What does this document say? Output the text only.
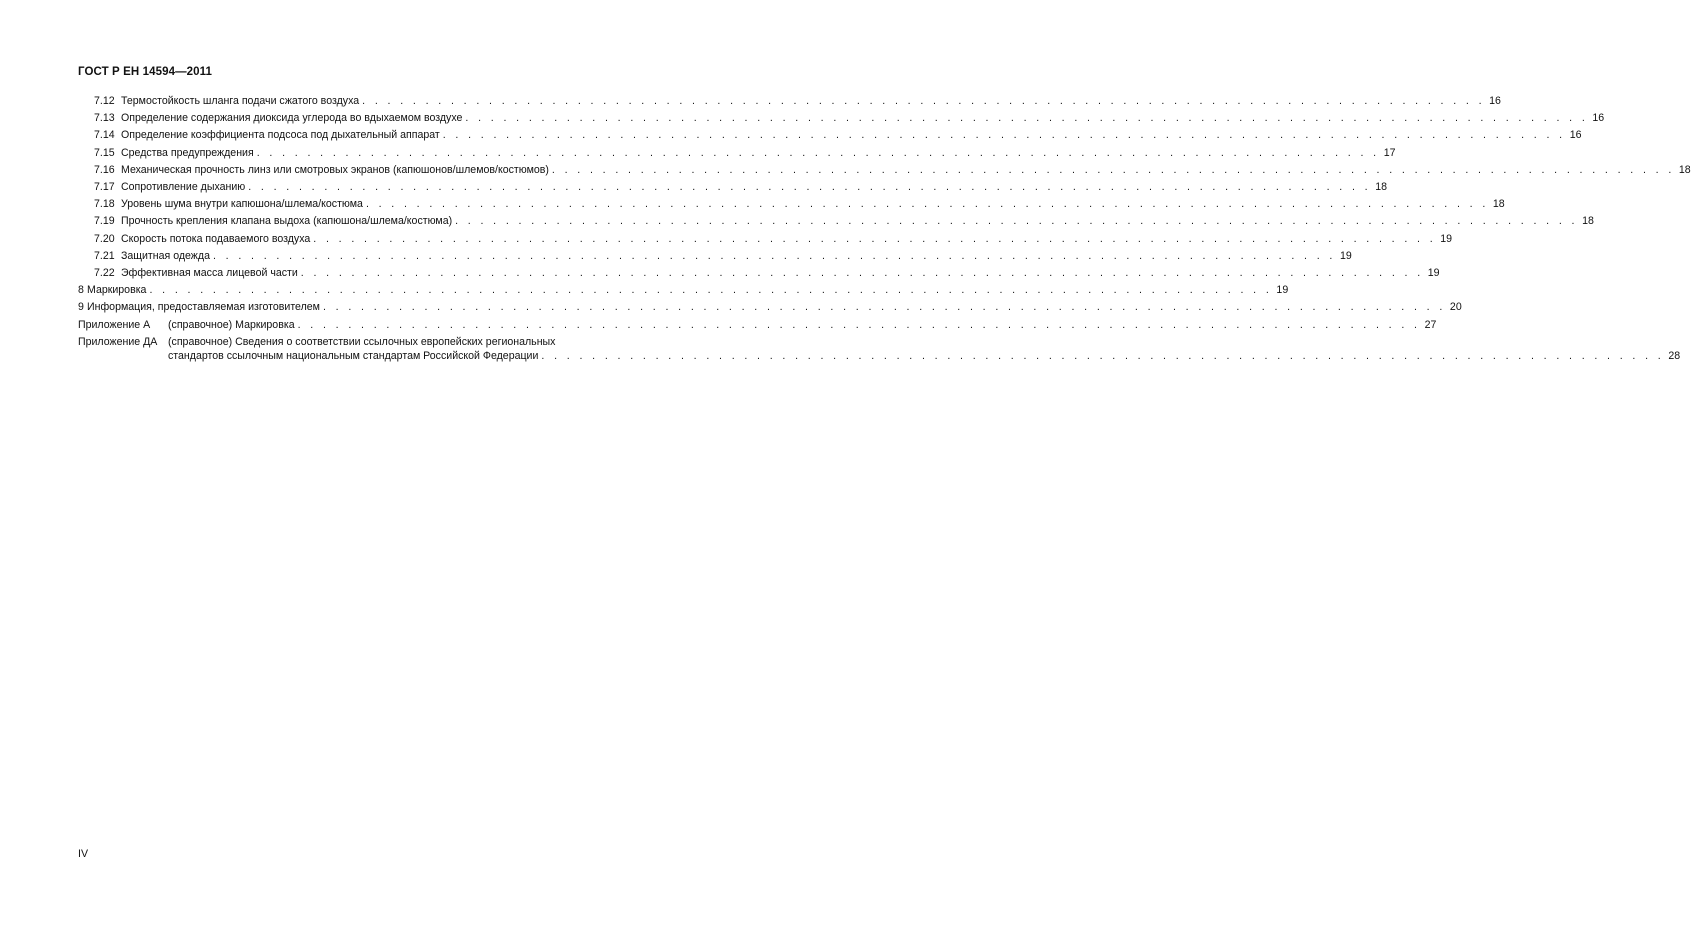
ГОСТ Р ЕН 14594—2011
7.12 Термостойкость шланга подачи сжатого воздуха . . .	16
7.13 Определение содержания диоксида углерода во вдыхаемом воздухе . . .	16
7.14 Определение коэффициента подсоса под дыхательный аппарат . . .	16
7.15 Средства предупреждения . . .	17
7.16 Механическая прочность линз или смотровых экранов (капюшонов/шлемов/костюмов) . . .	18
7.17 Сопротивление дыханию . . .	18
7.18 Уровень шума внутри капюшона/шлема/костюма . . .	18
7.19 Прочность крепления клапана выдоха (капюшона/шлема/костюма) . . .	18
7.20 Скорость потока подаваемого воздуха . . .	19
7.21 Защитная одежда . . .	19
7.22 Эффективная масса лицевой части . . .	19
8 Маркировка . . .	19
9 Информация, предоставляемая изготовителем . . .	20
Приложение А	(справочное) Маркировка . . .	27
Приложение ДА	(справочное) Сведения о соответствии ссылочных европейских региональных
стандартов ссылочным национальным стандартам Российской Федерации . . .	28
IV
